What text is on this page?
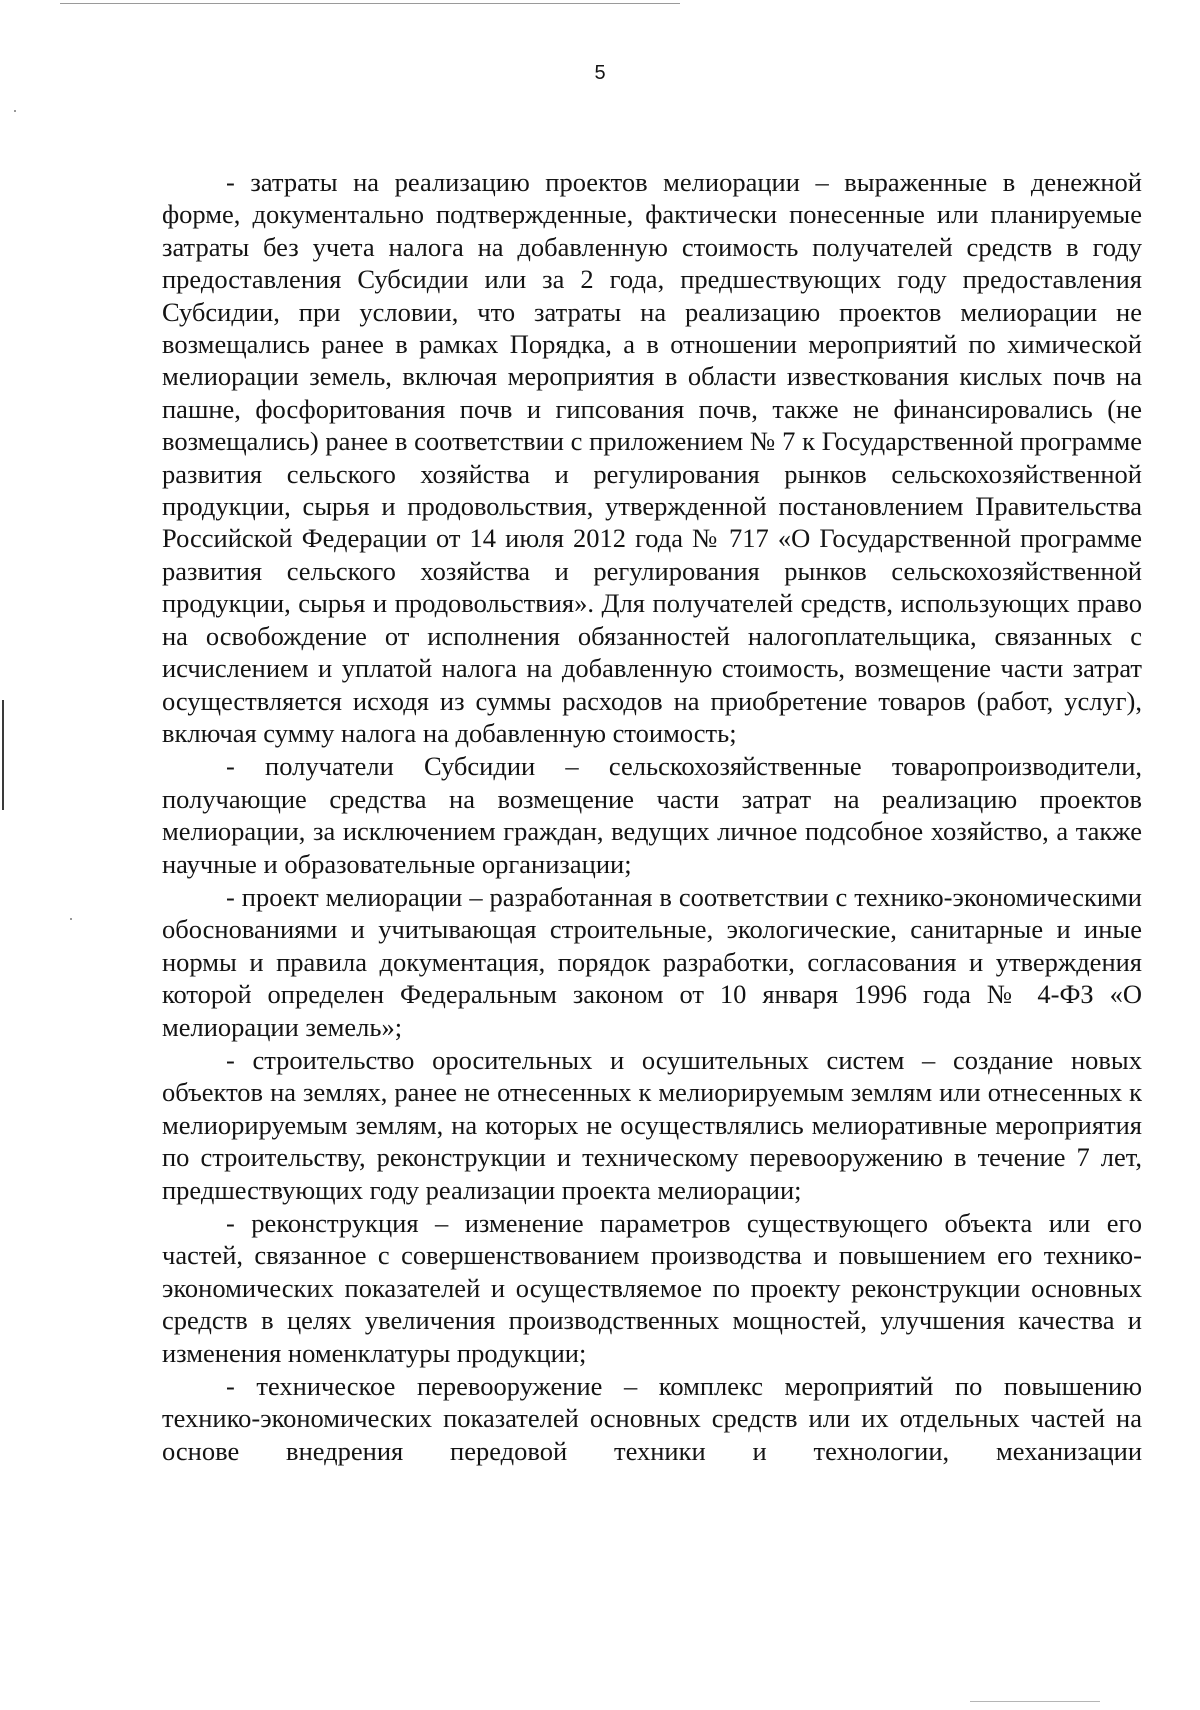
5

- затраты на реализацию проектов мелиорации – выраженные в денежной форме, документально подтвержденные, фактически понесенные или планируемые затраты без учета налога на добавленную стоимость получателей средств в году предоставления Субсидии или за 2 года, предшествующих году предоставления Субсидии, при условии, что затраты на реализацию проектов мелиорации не возмещались ранее в рамках Порядка, а в отношении мероприятий по химической мелиорации земель, включая мероприятия в области известкования кислых почв на пашне, фосфоритования почв и гипсования почв, также не финансировались (не возмещались) ранее в соответствии с приложением № 7 к Государственной программе развития сельского хозяйства и регулирования рынков сельскохозяйственной продукции, сырья и продовольствия, утвержденной постановлением Правительства Российской Федерации от 14 июля 2012 года № 717 «О Государственной программе развития сельского хозяйства и регулирования рынков сельскохозяйственной продукции, сырья и продовольствия». Для получателей средств, использующих право на освобождение от исполнения обязанностей налогоплательщика, связанных с исчислением и уплатой налога на добавленную стоимость, возмещение части затрат осуществляется исходя из суммы расходов на приобретение товаров (работ, услуг), включая сумму налога на добавленную стоимость;

- получатели Субсидии – сельскохозяйственные товаропроизводители, получающие средства на возмещение части затрат на реализацию проектов мелиорации, за исключением граждан, ведущих личное подсобное хозяйство, а также научные и образовательные организации;

- проект мелиорации – разработанная в соответствии с технико-экономическими обоснованиями и учитывающая строительные, экологические, санитарные и иные нормы и правила документация, порядок разработки, согласования и утверждения которой определен Федеральным законом от 10 января 1996 года № 4-ФЗ «О мелиорации земель»;

- строительство оросительных и осушительных систем – создание новых объектов на землях, ранее не отнесенных к мелиорируемым землям или отнесенных к мелиорируемым землям, на которых не осуществлялись мелиоративные мероприятия по строительству, реконструкции и техническому перевооружению в течение 7 лет, предшествующих году реализации проекта мелиорации;

- реконструкция – изменение параметров существующего объекта или его частей, связанное с совершенствованием производства и повышением его технико-экономических показателей и осуществляемое по проекту реконструкции основных средств в целях увеличения производственных мощностей, улучшения качества и изменения номенклатуры продукции;

- техническое перевооружение – комплекс мероприятий по повышению технико-экономических показателей основных средств или их отдельных частей на основе внедрения передовой техники и технологии, механизации
